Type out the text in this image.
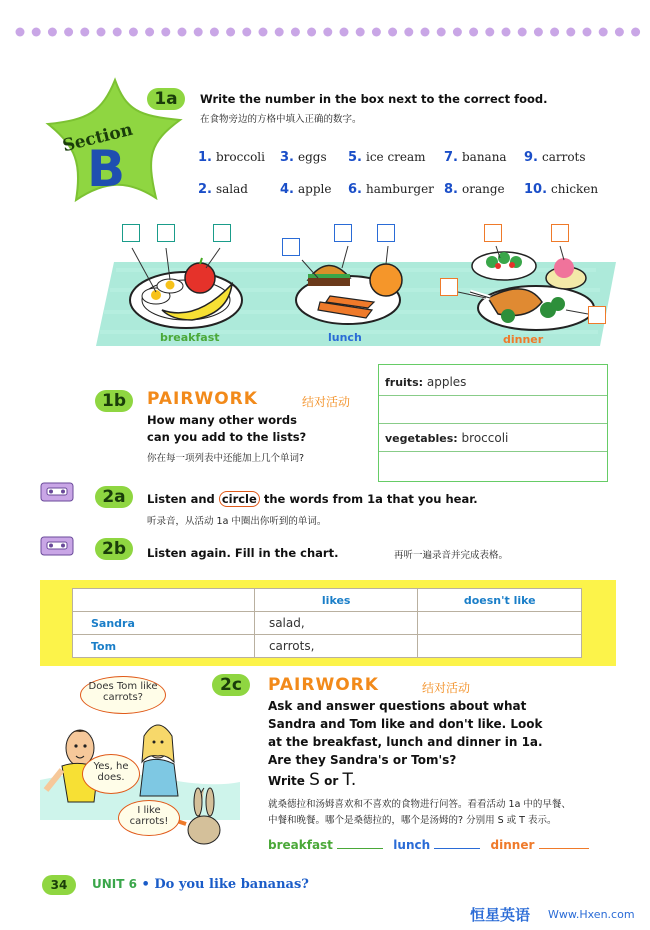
Section
B
1a	Write the number in the box next to the correct food.
在食物旁边的方格中填入正确的数字。
1. broccoli 3. eggs 5. ice cream 7. banana 9. carrots
2. salad 4. apple 6. hamburger 8. orange 10. chicken
breakfast	lunch	dinner
1b	PAIRWORK	结对活动
How many other words
can you add to the lists?
你在每一项列表中还能加上几个单词?
fruits: apples
vegetables: broccoli
2a	Listen and circle the words from 1a that you hear.
听录音，从活动 1a 中圈出你听到的单词。
2b	Listen again. Fill in the chart.	再听一遍录音并完成表格。
	likes	doesn't like
Sandra	salad,	
Tom	carrots,	
Does Tom like carrots?
Yes, he does.
I like carrots!
2c	PAIRWORK	结对活动
Ask and answer questions about what
Sandra and Tom like and don't like. Look
at the breakfast, lunch and dinner in 1a.
Are they Sandra's or Tom's?
Write S or T.
就桑德拉和汤姆喜欢和不喜欢的食物进行问答。看看活动 1a 中的早餐、
中餐和晚餐。哪个是桑德拉的，哪个是汤姆的? 分别用 S 或 T 表示。
breakfast	lunch	dinner
34	UNIT 6 • Do you like bananas?
恒星英语 Www.Hxen.com
